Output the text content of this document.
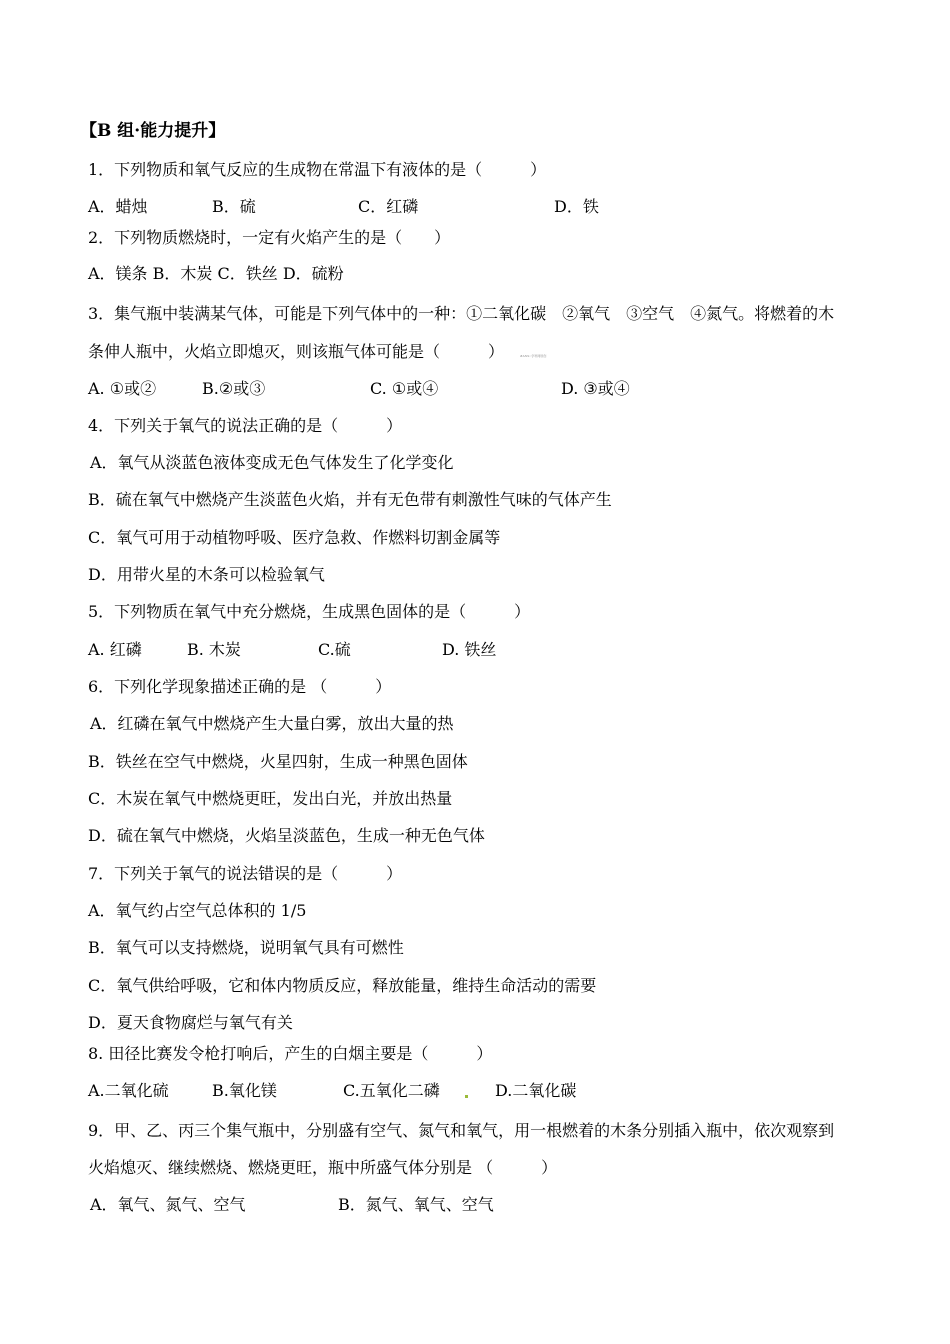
【B 组·能力提升】
1．下列物质和氧气反应的生成物在常温下有液体的是（　　　）
A．蜡烛	B．硫	C．红磷	D．铁
2．下列物质燃烧时，一定有火焰产生的是（　　）
A．镁条 B．木炭 C．铁丝 D．硫粉
3．集气瓶中装满某气体，可能是下列气体中的一种：①二氧化碳　②氧气　③空气　④氮气。将燃着的木
条伸人瓶中，火焰立即熄灭，则该瓶气体可能是（　　　）	#ANS::学科网原创
A. ①或②	B.②或③	C. ①或④	D. ③或④
4．下列关于氧气的说法正确的是（　　　）
A．氧气从淡蓝色液体变成无色气体发生了化学变化
B．硫在氧气中燃烧产生淡蓝色火焰，并有无色带有刺激性气味的气体产生
C．氧气可用于动植物呼吸、医疗急救、作燃料切割金属等
D．用带火星的木条可以检验氧气
5．下列物质在氧气中充分燃烧，生成黑色固体的是（　　　）
A. 红磷	B. 木炭	C.硫	D. 铁丝
6．下列化学现象描述正确的是 （　　　）
A．红磷在氧气中燃烧产生大量白雾，放出大量的热
B．铁丝在空气中燃烧，火星四射，生成一种黑色固体
C．木炭在氧气中燃烧更旺，发出白光，并放出热量
D．硫在氧气中燃烧，火焰呈淡蓝色，生成一种无色气体
7．下列关于氧气的说法错误的是（　　　）
A．氧气约占空气总体积的 1/5
B．氧气可以支持燃烧，说明氧气具有可燃性
C．氧气供给呼吸，它和体内物质反应，释放能量，维持生命活动的需要
D．夏天食物腐烂与氧气有关
8. 田径比赛发令枪打响后，产生的白烟主要是（　　　）
A.二氧化硫	B.氧化镁	C.五氧化二磷	D.二氧化碳
9．甲、乙、丙三个集气瓶中，分别盛有空气、氮气和氧气，用一根燃着的木条分别插入瓶中，依次观察到
火焰熄灭、继续燃烧、燃烧更旺，瓶中所盛气体分别是 （　　　）
A．氧气、氮气、空气	B．氮气、氧气、空气
